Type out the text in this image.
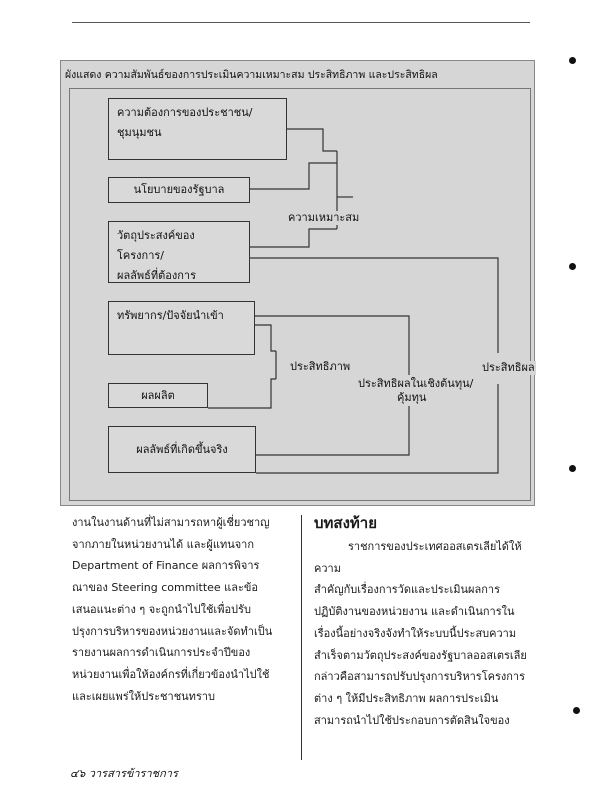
ผังแสดง ความสัมพันธ์ของการประเมินความเหมาะสม ประสิทธิภาพ และประสิทธิผล
ความต้องการของประชาชน/
ชุมนุมชน
นโยบายของรัฐบาล
วัตถุประสงค์ของโครงการ/
ผลลัพธ์ที่ต้องการ
ทรัพยากร/ปัจจัยนำเข้า
ผลผลิต
ผลลัพธ์ที่เกิดขึ้นจริง
ความเหมาะสม
ประสิทธิภาพ
ประสิทธิผลในเชิงต้นทุน/
คุ้มทุน
ประสิทธิผล
งานในงานด้านที่ไม่สามารถหาผู้เชี่ยวชาญ
จากภายในหน่วยงานได้ และผู้แทนจาก
Department of Finance ผลการพิจาร
ณาของ Steering committee และข้อ
เสนอแนะต่าง ๆ จะถูกนำไปใช้เพื่อปรับ
ปรุงการบริหารของหน่วยงานและจัดทำเป็น
รายงานผลการดำเนินการประจำปีของ
หน่วยงานเพื่อให้องค์กรที่เกี่ยวข้องนำไปใช้
และเผยแพร่ให้ประชาชนทราบ
บทสงท้าย
ราชการของประเทศออสเตรเลียได้ให้ความ
สำคัญกับเรื่องการวัดและประเมินผลการ
ปฏิบัติงานของหน่วยงาน และดำเนินการใน
เรื่องนี้อย่างจริงจังทำให้ระบบนี้ประสบความ
สำเร็จตามวัตถุประสงค์ของรัฐบาลออสเตรเลีย
กล่าวคือสามารถปรับปรุงการบริหารโครงการ
ต่าง ๆ ให้มีประสิทธิภาพ ผลการประเมิน
สามารถนำไปใช้ประกอบการตัดสินใจของ
๔๖ วารสารข้าราชการ
